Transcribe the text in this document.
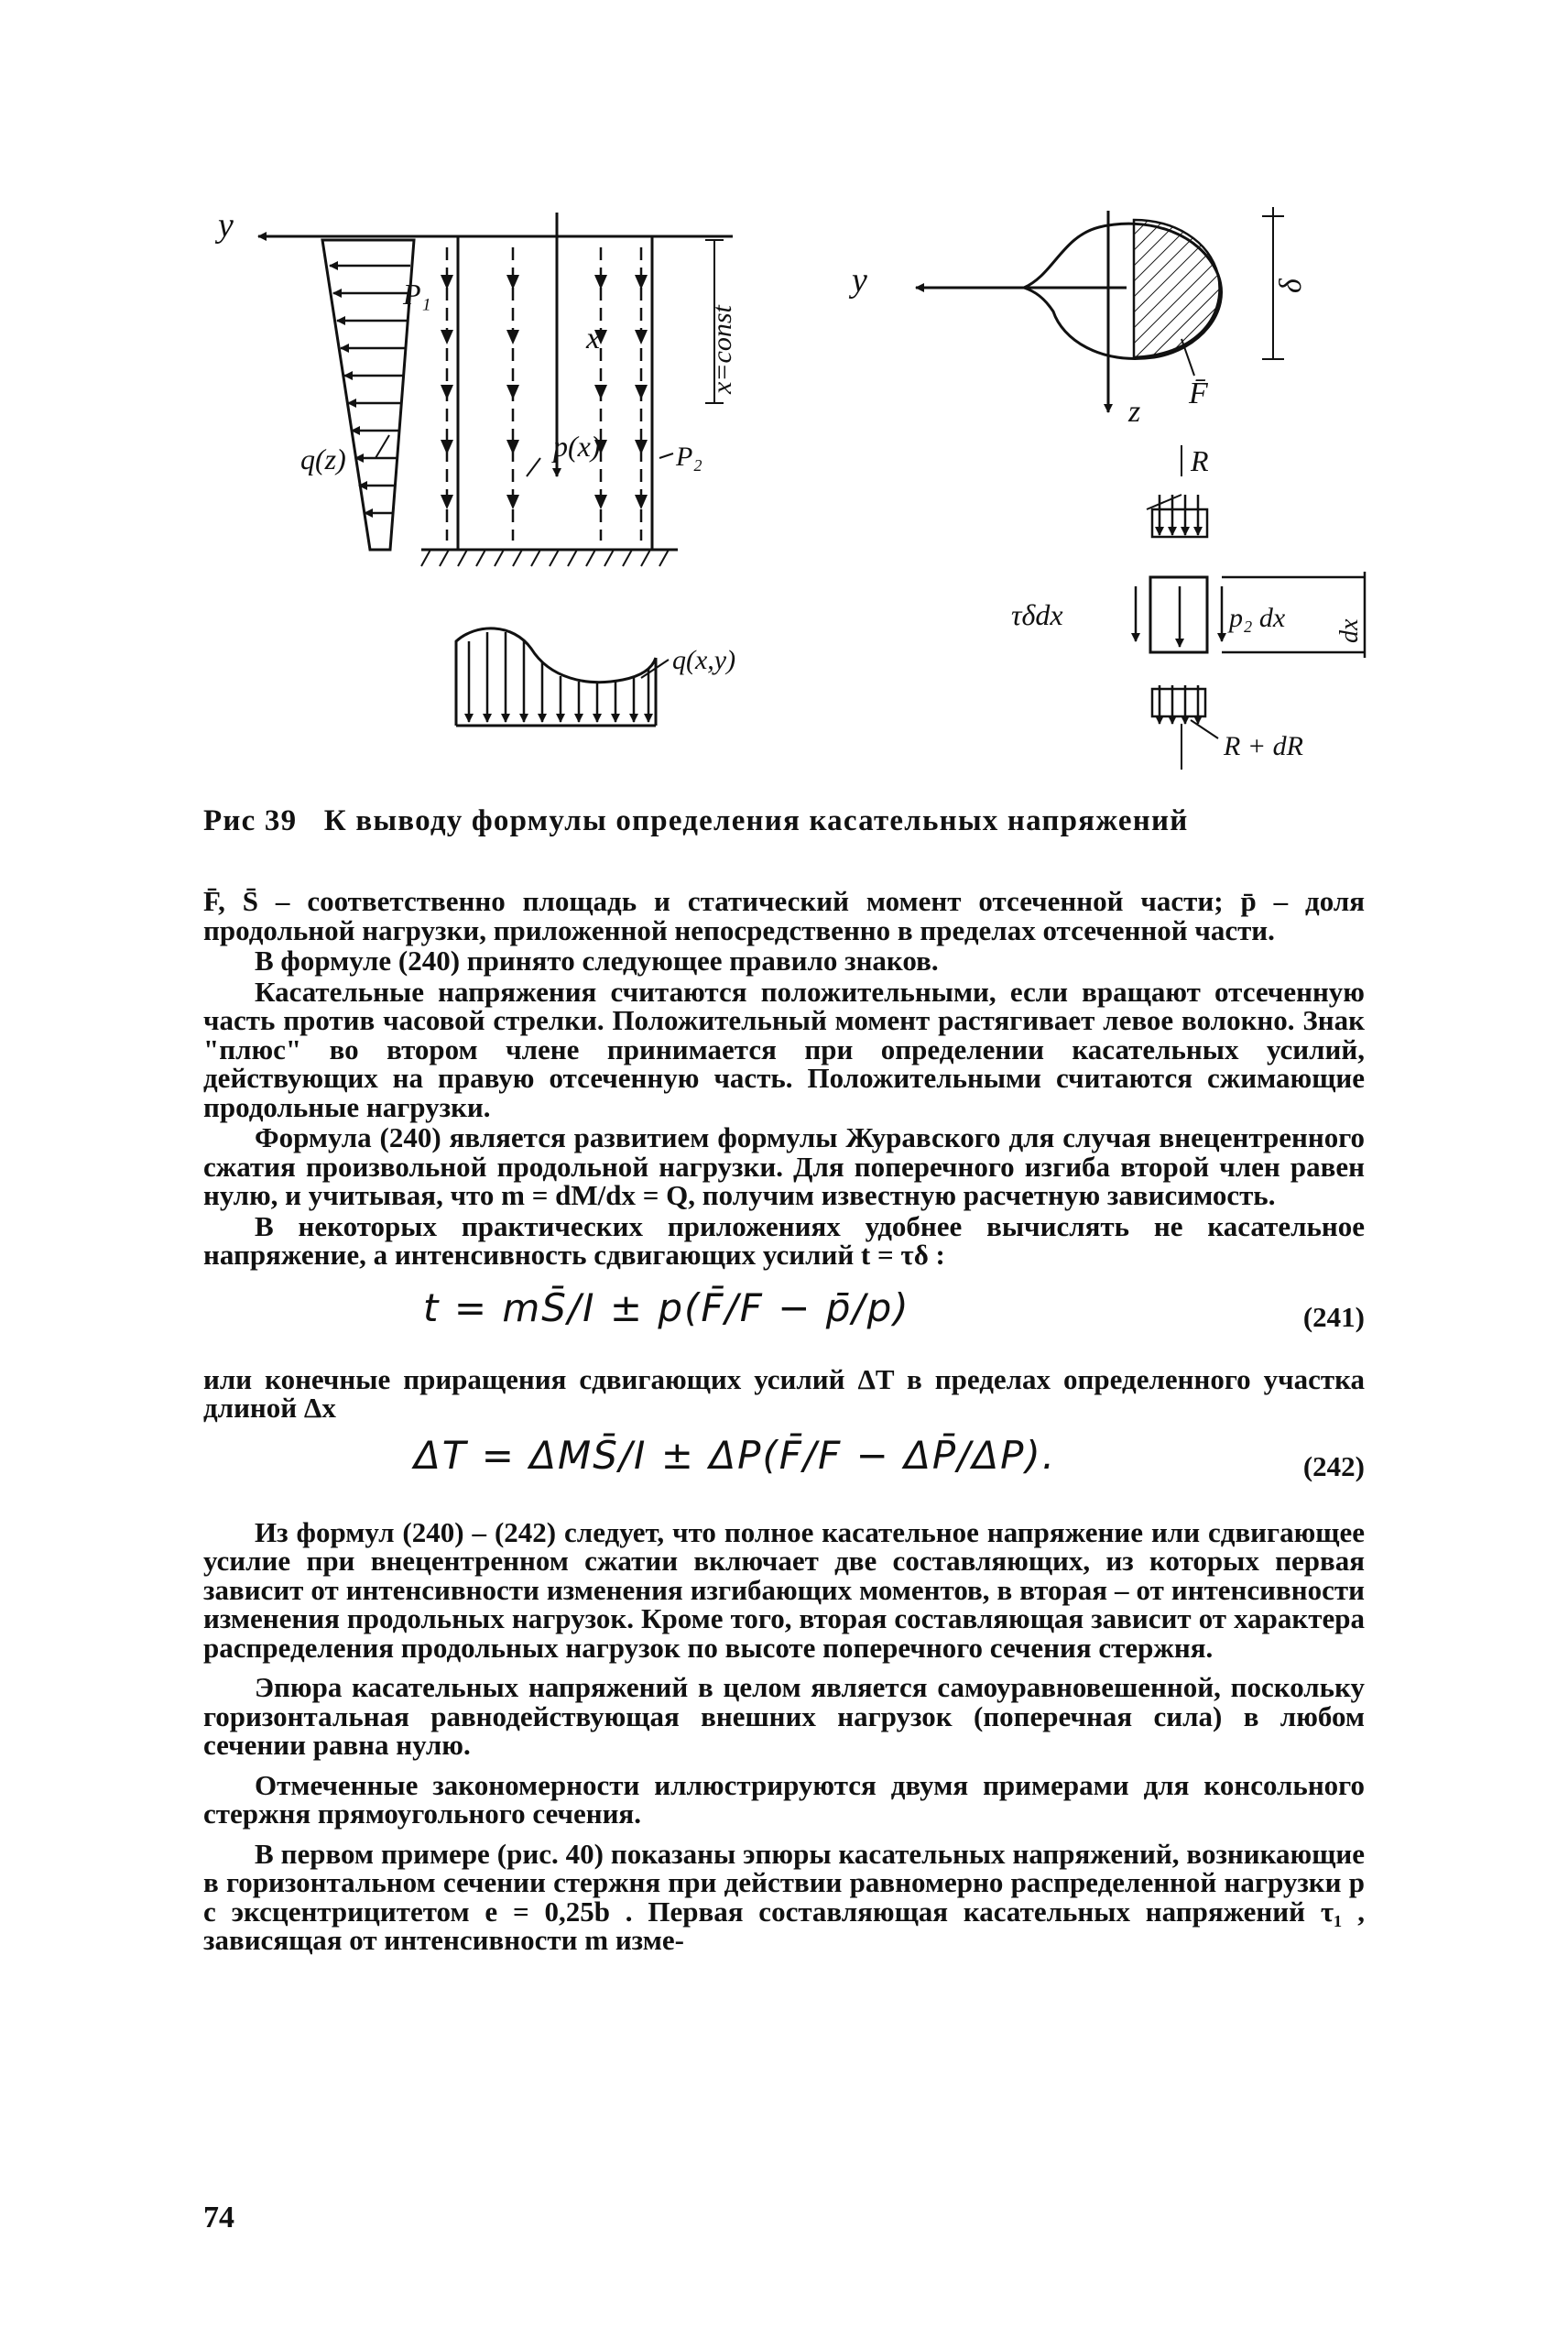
y
P₁
x	x=const
q(z)	p(x)	P₂
q(x,y)
y	δ
z
F̄
R
τδdx	p₂ dx dx
R + dR
Рис 39 К выводу формулы определения касательных напряжений

F̄, S̄ – соответственно площадь и статический момент отсеченной части; p̄ – доля продольной нагрузки, приложенной непосредственно в пределах отсеченной части.

В формуле (240) принято следующее правило знаков.

Касательные напряжения считаются положительными, если вращают отсеченную часть против часовой стрелки. Положительный момент растягивает левое волокно. Знак "плюс" во втором члене принимается при определении касательных усилий, действующих на правую отсеченную часть. Положительными считаются сжимающие продольные нагрузки.

Формула (240) является развитием формулы Журавского для случая внецентренного сжатия произвольной продольной нагрузки. Для поперечного изгиба второй член равен нулю, и учитывая, что m = dM/dx = Q, получим известную расчетную зависимость.

В некоторых практических приложениях удобнее вычислять не касательное напряжение, а интенсивность сдвигающих усилий t = τδ :

t = mS̄/I ± p(F̄/F − p̄/p)	(241)

или конечные приращения сдвигающих усилий ΔT в пределах определенного участка длиной Δx

ΔT = ΔMS̄/I ± ΔP(F̄/F − ΔP̄/ΔP).	(242)

Из формул (240) – (242) следует, что полное касательное напряжение или сдвигающее усилие при внецентренном сжатии включает две составляющих, из которых первая зависит от интенсивности изменения изгибающих моментов, в вторая – от интенсивности изменения продольных нагрузок. Кроме того, вторая составляющая зависит от характера распределения продольных нагрузок по высоте поперечного сечения стержня.

Эпюра касательных напряжений в целом является самоуравновешенной, поскольку горизонтальная равнодействующая внешних нагрузок (поперечная сила) в любом сечении равна нулю.

Отмеченные закономерности иллюстрируются двумя примерами для консольного стержня прямоугольного сечения.

В первом примере (рис. 40) показаны эпюры касательных напряжений, возникающие в горизонтальном сечении стержня при действии равномерно распределенной нагрузки p с эксцентрицитетом e = 0,25b . Первая составляющая касательных напряжений τ₁ , зависящая от интенсивности m изме-

74
